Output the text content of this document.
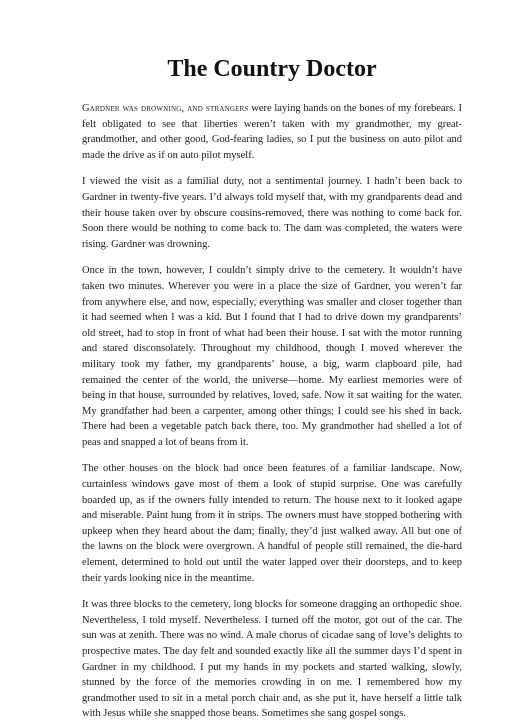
The Country Doctor

Gardner was drowning, and strangers were laying hands on the bones of my forebears. I felt obligated to see that liberties weren’t taken with my grandmother, my great-grandmother, and other good, God-fearing ladies, so I put the business on auto pilot and made the drive as if on auto pilot myself.

I viewed the visit as a familial duty, not a sentimental journey. I hadn’t been back to Gardner in twenty-five years. I’d always told myself that, with my grandparents dead and their house taken over by obscure cousins-removed, there was nothing to come back for. Soon there would be nothing to come back to. The dam was completed, the waters were rising. Gardner was drowning.

Once in the town, however, I couldn’t simply drive to the cemetery. It wouldn’t have taken two minutes. Wherever you were in a place the size of Gardner, you weren’t far from anywhere else, and now, especially, everything was smaller and closer together than it had seemed when I was a kid. But I found that I had to drive down my grandparents’ old street, had to stop in front of what had been their house. I sat with the motor running and stared disconsolately. Throughout my childhood, though I moved wherever the military took my father, my grandparents’ house, a big, warm clapboard pile, had remained the center of the world, the universe—home. My earliest memories were of being in that house, surrounded by relatives, loved, safe. Now it sat waiting for the water. My grandfather had been a carpenter, among other things; I could see his shed in back. There had been a vegetable patch back there, too. My grandmother had shelled a lot of peas and snapped a lot of beans from it.

The other houses on the block had once been features of a familiar landscape. Now, curtainless windows gave most of them a look of stupid surprise. One was carefully boarded up, as if the owners fully intended to return. The house next to it looked agape and miserable. Paint hung from it in strips. The owners must have stopped bothering with upkeep when they heard about the dam; finally, they’d just walked away. All but one of the lawns on the block were overgrown. A handful of people still remained, the die-hard element, determined to hold out until the water lapped over their doorsteps, and to keep their yards looking nice in the meantime.

It was three blocks to the cemetery, long blocks for someone dragging an orthopedic shoe. Nevertheless, I told myself. Nevertheless. I turned off the motor, got out of the car. The sun was at zenith. There was no wind. A male chorus of cicadae sang of love’s delights to prospective mates. The day felt and sounded exactly like all the summer days I’d spent in Gardner in my childhood. I put my hands in my pockets and started walking, slowly, stunned by the force of the memories crowding in on me. I remembered how my grandmother used to sit in a metal porch chair and, as she put it, have herself a little talk with Jesus while she snapped those beans. Sometimes she sang gospel songs.
